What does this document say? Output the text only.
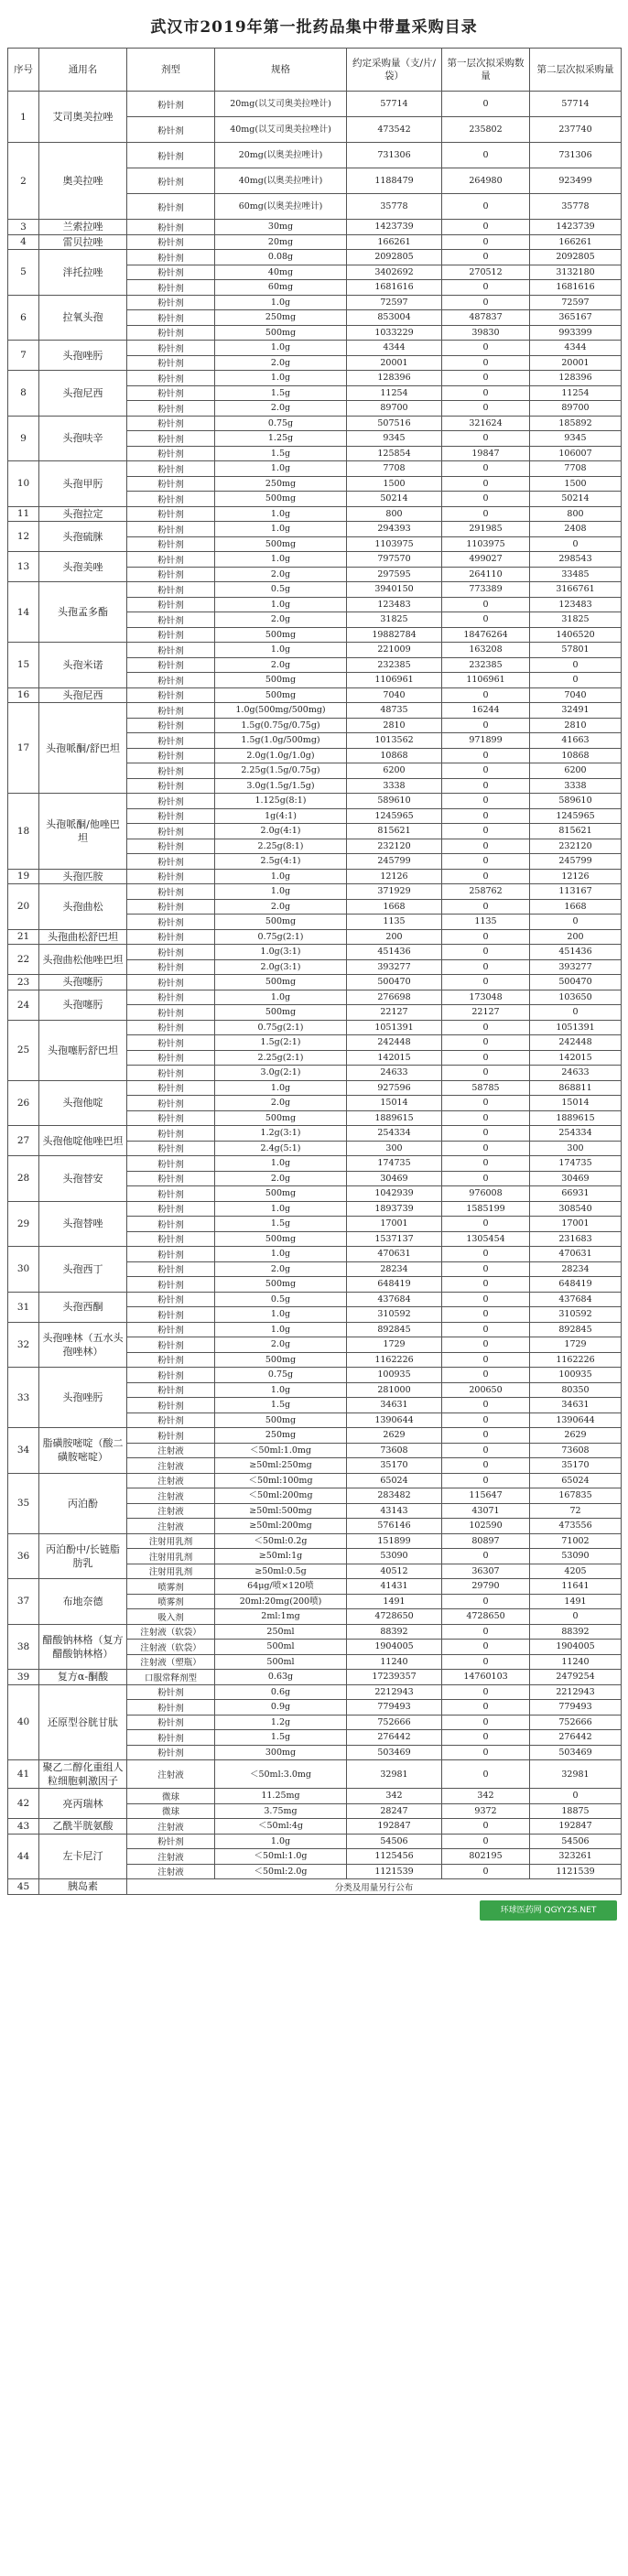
武汉市2019年第一批药品集中带量采购目录
序号	通用名	剂型	规格	约定采购量（支/片/袋）	第一层次拟采购数量	第二层次拟采购量
1	艾司奥美拉唑	粉针剂	20mg(以艾司奥美拉唑计)	57714	0	57714
		粉针剂	40mg(以艾司奥美拉唑计)	473542	235802	237740
2	奥美拉唑	粉针剂	20mg(以奥美拉唑计)	731306	0	731306
		粉针剂	40mg(以奥美拉唑计)	1188479	264980	923499
		粉针剂	60mg(以奥美拉唑计)	35778	0	35778
3	兰索拉唑	粉针剂	30mg	1423739	0	1423739
4	雷贝拉唑	粉针剂	20mg	166261	0	166261
5	泮托拉唑	粉针剂	0.08g	2092805	0	2092805
		粉针剂	40mg	3402692	270512	3132180
		粉针剂	60mg	1681616	0	1681616
6	拉氧头孢	粉针剂	1.0g	72597	0	72597
		粉针剂	250mg	853004	487837	365167
		粉针剂	500mg	1033229	39830	993399
7	头孢唑肟	粉针剂	1.0g	4344	0	4344
		粉针剂	2.0g	20001	0	20001
8	头孢尼西	粉针剂	1.0g	128396	0	128396
		粉针剂	1.5g	11254	0	11254
		粉针剂	2.0g	89700	0	89700
9	头孢呋辛	粉针剂	0.75g	507516	321624	185892
		粉针剂	1.25g	9345	0	9345
		粉针剂	1.5g	125854	19847	106007
10	头孢甲肟	粉针剂	1.0g	7708	0	7708
		粉针剂	250mg	1500	0	1500
		粉针剂	500mg	50214	0	50214
11	头孢拉定	粉针剂	1.0g	800	0	800
12	头孢硫脒	粉针剂	1.0g	294393	291985	2408
		粉针剂	500mg	1103975	1103975	0
13	头孢美唑	粉针剂	1.0g	797570	499027	298543
		粉针剂	2.0g	297595	264110	33485
14	头孢孟多酯	粉针剂	0.5g	3940150	773389	3166761
		粉针剂	1.0g	123483	0	123483
		粉针剂	2.0g	31825	0	31825
		粉针剂	500mg	19882784	18476264	1406520
15	头孢米诺	粉针剂	1.0g	221009	163208	57801
		粉针剂	2.0g	232385	232385	0
		粉针剂	500mg	1106961	1106961	0
16	头孢尼西	粉针剂	500mg	7040	0	7040
17	头孢哌酮/舒巴坦	粉针剂	1.0g(500mg/500mg)	48735	16244	32491
		粉针剂	1.5g(0.75g/0.75g)	2810	0	2810
		粉针剂	1.5g(1.0g/500mg)	1013562	971899	41663
		粉针剂	2.0g(1.0g/1.0g)	10868	0	10868
		粉针剂	2.25g(1.5g/0.75g)	6200	0	6200
		粉针剂	3.0g(1.5g/1.5g)	3338	0	3338
18	头孢哌酮/他唑巴坦	粉针剂	1.125g(8:1)	589610	0	589610
		粉针剂	1g(4:1)	1245965	0	1245965
		粉针剂	2.0g(4:1)	815621	0	815621
		粉针剂	2.25g(8:1)	232120	0	232120
		粉针剂	2.5g(4:1)	245799	0	245799
19	头孢匹胺	粉针剂	1.0g	12126	0	12126
20	头孢曲松	粉针剂	1.0g	371929	258762	113167
		粉针剂	2.0g	1668	0	1668
		粉针剂	500mg	1135	1135	0
21	头孢曲松舒巴坦	粉针剂	0.75g(2:1)	200	0	200
22	头孢曲松他唑巴坦	粉针剂	1.0g(3:1)	451436	0	451436
		粉针剂	2.0g(3:1)	393277	0	393277
23	头孢噻肟	粉针剂	500mg	500470	0	500470
24	头孢噻肟	粉针剂	1.0g	276698	173048	103650
		粉针剂	500mg	22127	22127	0
25	头孢噻肟舒巴坦	粉针剂	0.75g(2:1)	1051391	0	1051391
		粉针剂	1.5g(2:1)	242448	0	242448
		粉针剂	2.25g(2:1)	142015	0	142015
		粉针剂	3.0g(2:1)	24633	0	24633
26	头孢他啶	粉针剂	1.0g	927596	58785	868811
		粉针剂	2.0g	15014	0	15014
		粉针剂	500mg	1889615	0	1889615
27	头孢他啶他唑巴坦	粉针剂	1.2g(3:1)	254334	0	254334
		粉针剂	2.4g(5:1)	300	0	300
28	头孢替安	粉针剂	1.0g	174735	0	174735
		粉针剂	2.0g	30469	0	30469
		粉针剂	500mg	1042939	976008	66931
29	头孢替唑	粉针剂	1.0g	1893739	1585199	308540
		粉针剂	1.5g	17001	0	17001
		粉针剂	500mg	1537137	1305454	231683
30	头孢西丁	粉针剂	1.0g	470631	0	470631
		粉针剂	2.0g	28234	0	28234
		粉针剂	500mg	648419	0	648419
31	头孢西酮	粉针剂	0.5g	437684	0	437684
		粉针剂	1.0g	310592	0	310592
32	头孢唑林（五水头孢唑林）	粉针剂	1.0g	892845	0	892845
		粉针剂	2.0g	1729	0	1729
		粉针剂	500mg	1162226	0	1162226
33	头孢唑肟	粉针剂	0.75g	100935	0	100935
		粉针剂	1.0g	281000	200650	80350
		粉针剂	1.5g	34631	0	34631
		粉针剂	500mg	1390644	0	1390644
34	脂磺胺嘧啶（酸二磺胺嘧啶）	粉针剂	250mg	2629	0	2629
		注射液	＜50ml:1.0mg	73608	0	73608
		注射液	≥50ml:250mg	35170	0	35170
35	丙泊酚	注射液	＜50ml:100mg	65024	0	65024
		注射液	＜50ml:200mg	283482	115647	167835
		注射液	≥50ml:500mg	43143	43071	72
		注射液	≥50ml:200mg	576146	102590	473556
36	丙泊酚中/长链脂肪乳	注射用乳剂	＜50ml:0.2g	151899	80897	71002
		注射用乳剂	≥50ml:1g	53090	0	53090
		注射用乳剂	≥50ml:0.5g	40512	36307	4205
37	布地奈德	喷雾剂	64μg/喷×120喷	41431	29790	11641
		喷雾剂	20ml:20mg(200喷)	1491	0	1491
		吸入剂	2ml:1mg	4728650	4728650	0
38	醋酸钠林格（复方醋酸钠林格）	注射液（软袋）	250ml	88392	0	88392
		注射液（软袋）	500ml	1904005	0	1904005
		注射液（塑瓶）	500ml	11240	0	11240
39	复方α-酮酸	口服常释剂型	0.63g	17239357	14760103	2479254
40	还原型谷胱甘肽	粉针剂	0.6g	2212943	0	2212943
		粉针剂	0.9g	779493	0	779493
		粉针剂	1.2g	752666	0	752666
		粉针剂	1.5g	276442	0	276442
		粉针剂	300mg	503469	0	503469
41	聚乙二醇化重组人粒细胞刺激因子	注射液	＜50ml:3.0mg	32981	0	32981
42	亮丙瑞林	微球	11.25mg	342	342	0
		微球	3.75mg	28247	9372	18875
43	乙酰半胱氨酸	注射液	＜50ml:4g	192847	0	192847
44	左卡尼汀	粉针剂	1.0g	54506	0	54506
		注射液	＜50ml:1.0g	1125456	802195	323261
		注射液	＜50ml:2.0g	1121539	0	1121539
45	胰岛素	分类及用量另行公布				
环球医药网 QGYY2S.NET
